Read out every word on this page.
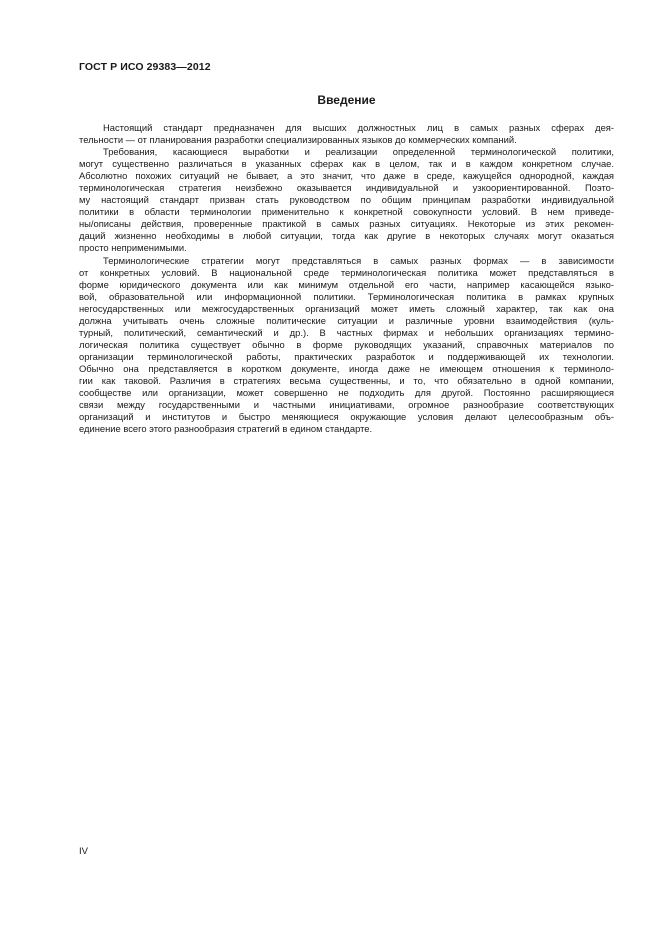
ГОСТ Р ИСО 29383—2012
Введение
Настоящий стандарт предназначен для высших должностных лиц в самых разных сферах дея-
тельности — от планирования разработки специализированных языков до коммерческих компаний.
Требования, касающиеся выработки и реализации определенной терминологической политики,
могут существенно различаться в указанных сферах как в целом, так и в каждом конкретном случае.
Абсолютно похожих ситуаций не бывает, а это значит, что даже в среде, кажущейся однородной, каждая
терминологическая стратегия неизбежно оказывается индивидуальной и узкоориентированной. Поэто-
му настоящий стандарт призван стать руководством по общим принципам разработки индивидуальной
политики в области терминологии применительно к конкретной совокупности условий. В нем приведе-
ны/описаны действия, проверенные практикой в самых разных ситуациях. Некоторые из этих рекомен-
даций жизненно необходимы в любой ситуации, тогда как другие в некоторых случаях могут оказаться
просто неприменимыми.
Терминологические стратегии могут представляться в самых разных формах — в зависимости
от конкретных условий. В национальной среде терминологическая политика может представляться в
форме юридического документа или как минимум отдельной его части, например касающейся языко-
вой, образовательной или информационной политики. Терминологическая политика в рамках крупных
негосударственных или межгосударственных организаций может иметь сложный характер, так как она
должна учитывать очень сложные политические ситуации и различные уровни взаимодействия (куль-
турный, политический, семантический и др.). В частных фирмах и небольших организациях термино-
логическая политика существует обычно в форме руководящих указаний, справочных материалов по
организации терминологической работы, практических разработок и поддерживающей их технологии.
Обычно она представляется в коротком документе, иногда даже не имеющем отношения к терминоло-
гии как таковой. Различия в стратегиях весьма существенны, и то, что обязательно в одной компании,
сообществе или организации, может совершенно не подходить для другой. Постоянно расширяющиеся
связи между государственными и частными инициативами, огромное разнообразие соответствующих
организаций и институтов и быстро меняющиеся окружающие условия делают целесообразным объ-
единение всего этого разнообразия стратегий в едином стандарте.
IV
